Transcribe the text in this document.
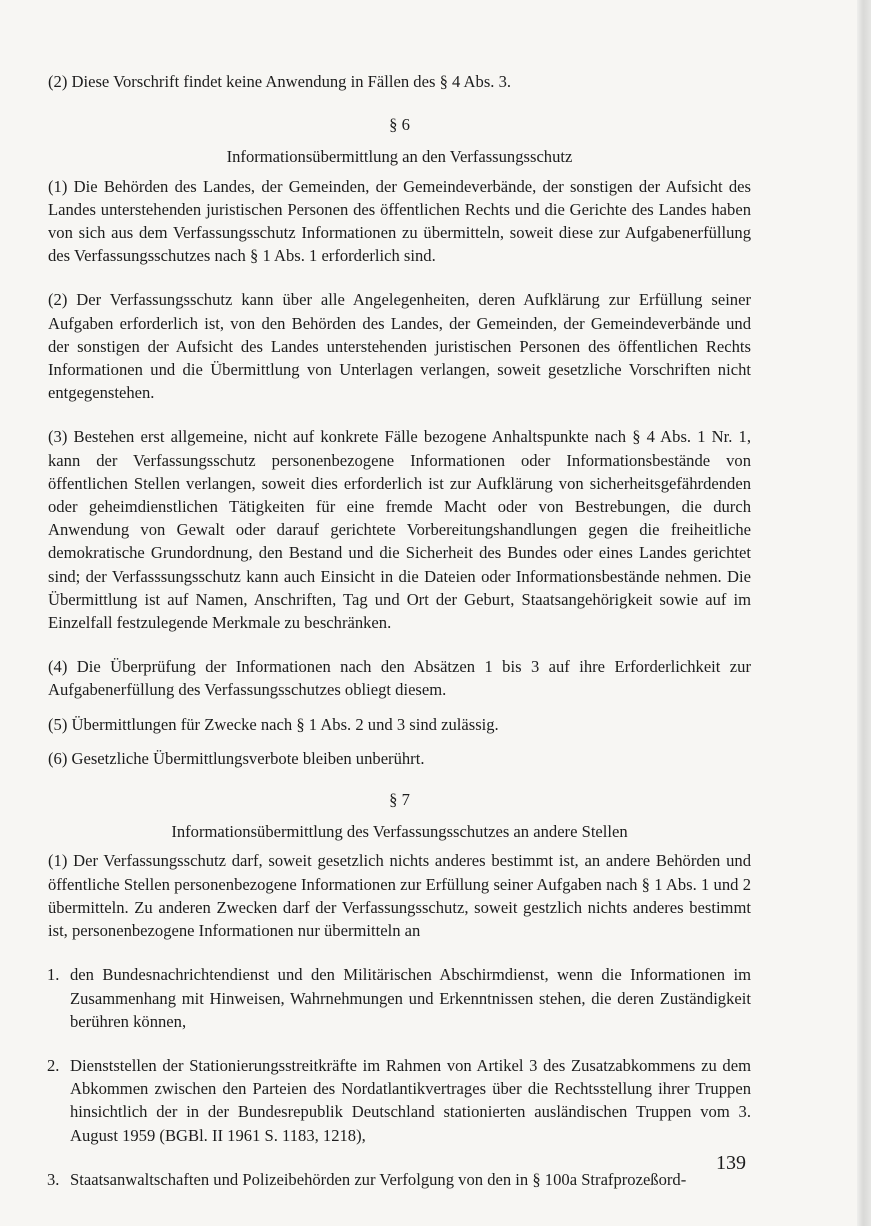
(2) Diese Vorschrift findet keine Anwendung in Fällen des § 4 Abs. 3.

§ 6

Informationsübermittlung an den Verfassungsschutz

(1) Die Behörden des Landes, der Gemeinden, der Gemeindeverbände, der sonstigen der Aufsicht des Landes unterstehenden juristischen Personen des öffentlichen Rechts und die Gerichte des Landes haben von sich aus dem Verfassungsschutz Informationen zu übermitteln, soweit diese zur Aufgabenerfüllung des Verfassungsschutzes nach § 1 Abs. 1 erforderlich sind.

(2) Der Verfassungsschutz kann über alle Angelegenheiten, deren Aufklärung zur Erfüllung seiner Aufgaben erforderlich ist, von den Behörden des Landes, der Gemeinden, der Gemeindeverbände und der sonstigen der Aufsicht des Landes unterstehenden juristischen Personen des öffentlichen Rechts Informationen und die Übermittlung von Unterlagen verlangen, soweit gesetzliche Vorschriften nicht entgegenstehen.

(3) Bestehen erst allgemeine, nicht auf konkrete Fälle bezogene Anhaltspunkte nach § 4 Abs. 1 Nr. 1, kann der Verfassungsschutz personenbezogene Informationen oder Informationsbestände von öffentlichen Stellen verlangen, soweit dies erforderlich ist zur Aufklärung von sicherheitsgefährdenden oder geheimdienstlichen Tätigkeiten für eine fremde Macht oder von Bestrebungen, die durch Anwendung von Gewalt oder darauf gerichtete Vorbereitungshandlungen gegen die freiheitliche demokratische Grundordnung, den Bestand und die Sicherheit des Bundes oder eines Landes gerichtet sind; der Verfasssungsschutz kann auch Einsicht in die Dateien oder Informationsbestände nehmen. Die Übermittlung ist auf Namen, Anschriften, Tag und Ort der Geburt, Staatsangehörigkeit sowie auf im Einzelfall festzulegende Merkmale zu beschränken.

(4) Die Überprüfung der Informationen nach den Absätzen 1 bis 3 auf ihre Erforderlichkeit zur Aufgabenerfüllung des Verfassungsschutzes obliegt diesem.

(5) Übermittlungen für Zwecke nach § 1 Abs. 2 und 3 sind zulässig.

(6) Gesetzliche Übermittlungsverbote bleiben unberührt.

§ 7

Informationsübermittlung des Verfassungsschutzes an andere Stellen

(1) Der Verfassungsschutz darf, soweit gesetzlich nichts anderes bestimmt ist, an andere Behörden und öffentliche Stellen personenbezogene Informationen zur Erfüllung seiner Aufgaben nach § 1 Abs. 1 und 2 übermitteln. Zu anderen Zwecken darf der Verfassungsschutz, soweit gestzlich nichts anderes bestimmt ist, personenbezogene Informationen nur übermitteln an

1. den Bundesnachrichtendienst und den Militärischen Abschirmdienst, wenn die Informationen im Zusammenhang mit Hinweisen, Wahrnehmungen und Erkenntnissen stehen, die deren Zuständigkeit berühren können,
2. Dienststellen der Stationierungsstreitkräfte im Rahmen von Artikel 3 des Zusatzabkommens zu dem Abkommen zwischen den Parteien des Nordatlantikvertrages über die Rechtsstellung ihrer Truppen hinsichtlich der in der Bundesrepublik Deutschland stationierten ausländischen Truppen vom 3. August 1959 (BGBl. II 1961 S. 1183, 1218),
3. Staatsanwaltschaften und Polizeibehörden zur Verfolgung von den in § 100a Strafprozeßord-
139
